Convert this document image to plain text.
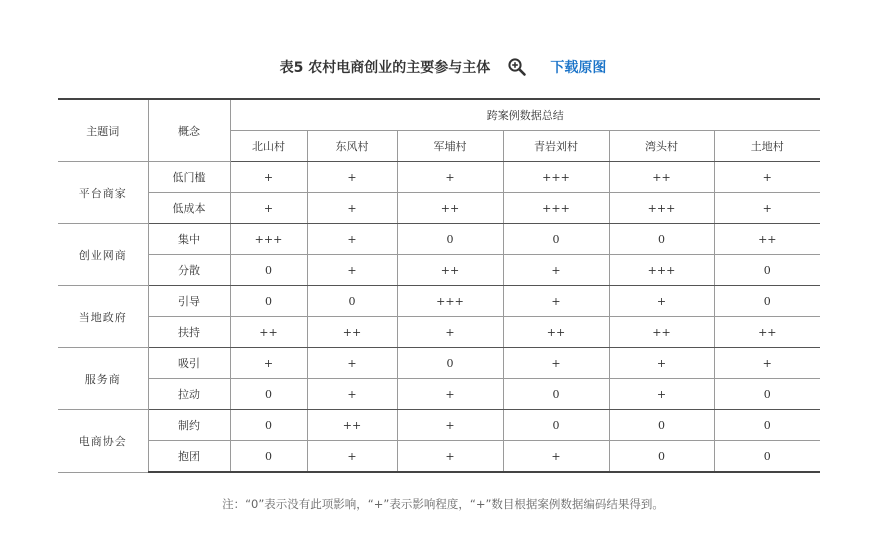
表5 农村电商创业的主要参与主体	下载原图
主题词	概念	跨案例数据总结					
		北山村	东风村	军埔村	青岩刘村	湾头村	土地村
平台商家	低门槛	+	+	+	+++	++	+
	低成本	+	+	++	+++	+++	+
创业网商	集中	+++	+	0	0	0	++
	分散	0	+	++	+	+++	0
当地政府	引导	0	0	+++	+	+	0
	扶持	++	++	+	++	++	++
服务商	吸引	+	+	0	+	+	+
	拉动	0	+	+	0	+	0
电商协会	制约	0	++	+	0	0	0
	抱团	0	+	+	+	0	0
注：“0”表示没有此项影响，“+”表示影响程度，“+”数目根据案例数据编码结果得到。
